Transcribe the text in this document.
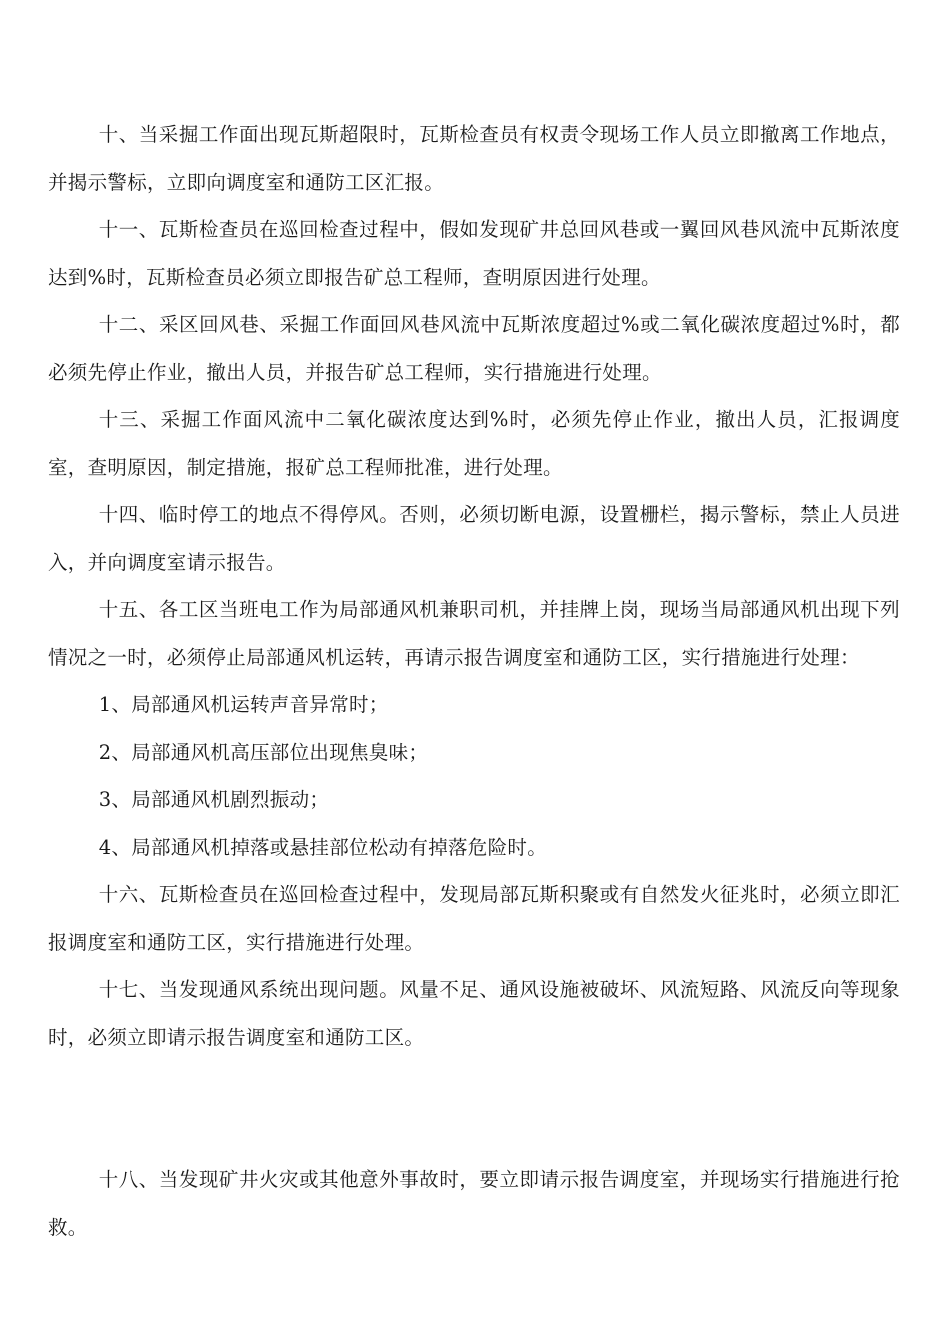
十、当采掘工作面出现瓦斯超限时，瓦斯检查员有权责令现场工作人员立即撤离工作地点，并揭示警标，立即向调度室和通防工区汇报。

十一、瓦斯检查员在巡回检查过程中，假如发现矿井总回风巷或一翼回风巷风流中瓦斯浓度达到%时，瓦斯检查员必须立即报告矿总工程师，查明原因进行处理。

十二、采区回风巷、采掘工作面回风巷风流中瓦斯浓度超过%或二氧化碳浓度超过%时，都必须先停止作业，撤出人员，并报告矿总工程师，实行措施进行处理。

十三、采掘工作面风流中二氧化碳浓度达到%时，必须先停止作业，撤出人员，汇报调度室，查明原因，制定措施，报矿总工程师批准，进行处理。

十四、临时停工的地点不得停风。否则，必须切断电源，设置栅栏，揭示警标，禁止人员进入，并向调度室请示报告。

十五、各工区当班电工作为局部通风机兼职司机，并挂牌上岗，现场当局部通风机出现下列情况之一时，必须停止局部通风机运转，再请示报告调度室和通防工区，实行措施进行处理：

1、局部通风机运转声音异常时；

2、局部通风机高压部位出现焦臭味；

3、局部通风机剧烈振动；

4、局部通风机掉落或悬挂部位松动有掉落危险时。

十六、瓦斯检查员在巡回检查过程中，发现局部瓦斯积聚或有自然发火征兆时，必须立即汇报调度室和通防工区，实行措施进行处理。

十七、当发现通风系统出现问题。风量不足、通风设施被破坏、风流短路、风流反向等现象时，必须立即请示报告调度室和通防工区。

十八、当发现矿井火灾或其他意外事故时，要立即请示报告调度室，并现场实行措施进行抢救。
